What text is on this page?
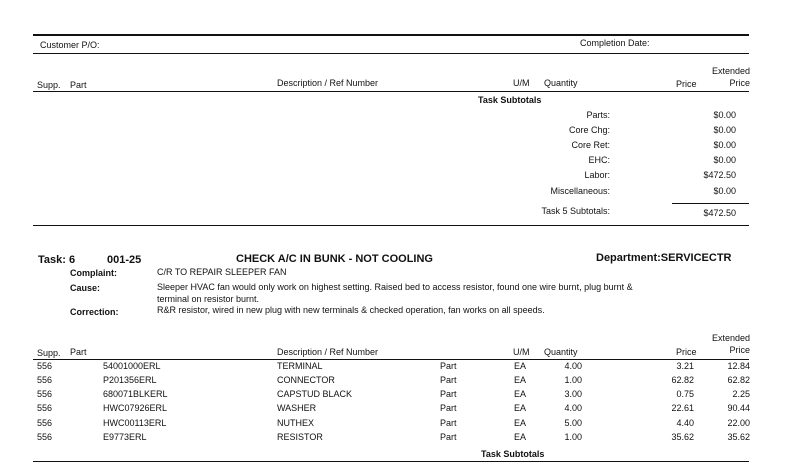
Customer P/O:	Completion Date:
Supp. Part	Description / Ref Number	U/M Quantity	Price
Extended
Price
Task Subtotals
Parts:	$0.00
Core Chg:	$0.00
Core Ret:	$0.00
EHC:	$0.00
Labor:	$472.50
Miscellaneous:	$0.00
Task 5 Subtotals:	$472.50
Task: 6	001-25	CHECK A/C IN BUNK - NOT COOLING	Department:SERVICECTR
Complaint:	C/R TO REPAIR SLEEPER FAN
Cause:	Sleeper HVAC fan would only work on highest setting. Raised bed to access resistor, found one wire burnt, plug burnt &
terminal on resistor burnt.
Correction:	R&R resistor, wired in new plug with new terminals & checked operation, fan works on all speeds.
Supp. Part	Description / Ref Number	U/M Quantity	Price
Extended
Price
556	54001000ERL	TERMINAL	Part	EA	4.00	3.21	12.84
556	P201356ERL	CONNECTOR	Part	EA	1.00	62.82	62.82
556	680071BLKERL	CAPSTUD BLACK	Part	EA	3.00	0.75	2.25
556	HWC07926ERL	WASHER	Part	EA	4.00	22.61	90.44
556	HWC00113ERL	NUTHEX	Part	EA	5.00	4.40	22.00
556	E9773ERL	RESISTOR	Part	EA	1.00	35.62	35.62
Task Subtotals
